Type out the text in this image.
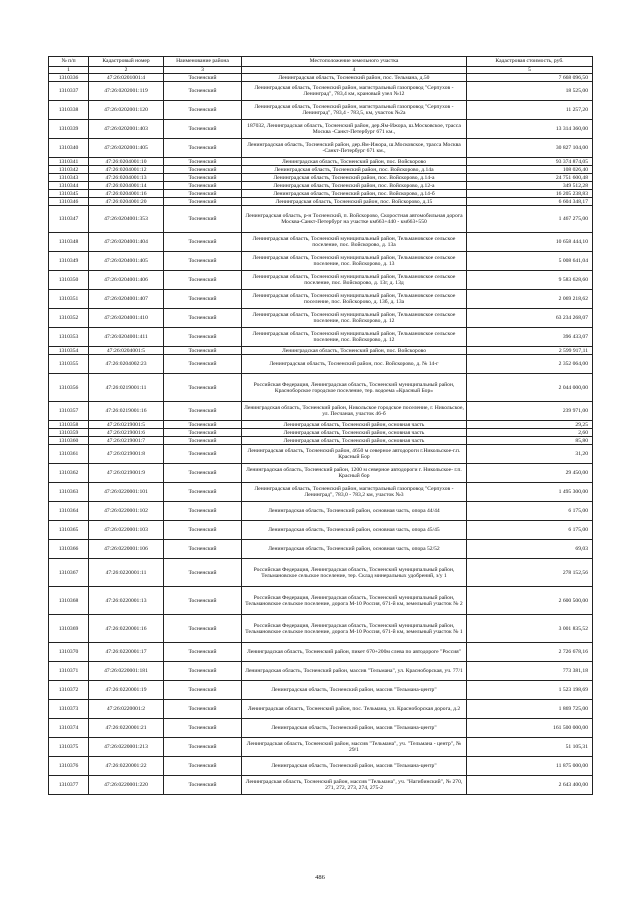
№ п/п	Кадастровый номер	Наименование района	Местоположение земельного участка	Кадастровая стоимость, руб.
1	2	3	4	5
1310336	47:26:0201001:4	Тосненский	Ленинградская область, Тосненский район, пос. Тельмана, д.50	7 668 096,50
1310337	47:26:0202001:119	Тосненский	Ленинградская область, Тосненский район, магистральный газопровод "Серпухов - Ленинград", 783,4 км, крановый узел №12	18 525,00
1310338	47:26:0202001:120	Тосненский	Ленинградская область, Тосненский район, магистральный газопровод "Серпухов - Ленинград", 783,4 - 783,5, км, участок №2а	11 257,20
1310339	47:26:0202001:403	Тосненский	187032, Ленинградская область, Тосненский район, дер.Ям-Ижора, ш.Московское, трасса Москва -Санкт-Петербург 671 км.,	13 314 360,00
1310340	47:26:0202001:405	Тосненский	Ленинградская область, Тосненский район, дер.Ям-Ижора, ш.Московское, трасса Москва -Санкт-Петербург 671 км.,	30 827 104,00
1310341	47:26:0204001:10	Тосненский	Ленинградская область, Тосненский район, пос. Войскорово	93 374 874,05
1310342	47:26:0204001:12	Тосненский	Ленинградская область, Тосненский район, пос. Войскорово, д.14а	108 026,40
1310343	47:26:0204001:13	Тосненский	Ленинградская область, Тосненский район, пос. Войскорово, д.14-а	24 751 600,48
1310344	47:26:0204001:14	Тосненский	Ленинградская область, Тосненский район, пос. Войскорово, д.12-а	349 512,28
1310345	47:26:0204001:16	Тосненский	Ленинградская область, Тосненский район, пос. Войскорово, д.14-б	16 205 238,83
1310346	47:26:0204001:20	Тосненский	Ленинградская область, Тосненский район, пос. Войскорово, д.15	6 604 348,17
1310347	47:26:0204001:353	Тосненский	Ленинградская область, р-н Тосненский, п. Войскорово, Скоростная автомобильная дорога Москва-Санкт-Петербург на участке км663+440 - км663+550	1 467 275,00
1310348	47:26:0204001:404	Тосненский	Ленинградская область, Тосненский муниципальный район, Тельмановское сельское поселение, пос. Войскорово, д. 13а	10 658 444,10
1310349	47:26:0204001:405	Тосненский	Ленинградская область, Тосненский муниципальный район, Тельмановское сельское поселение, пос. Войскорово, д. 13	5 008 641,04
1310350	47:26:0204001:406	Тосненский	Ленинградская область, Тосненский муниципальный район, Тельмановское сельское поселение, пос. Войскорово, д. 13г, д. 13д	9 583 628,60
1310351	47:26:0204001:407	Тосненский	Ленинградская область, Тосненский муниципальный район, Тельмановское сельское поселение, пос. Войскорово, д. 13б, д. 13а	2 069 218,62
1310352	47:26:0204001:410	Тосненский	Ленинградская область, Тосненский муниципальный район, Тельмановское сельское поселение, пос. Войскорово, д. 12	63 234 268,07
1310353	47:26:0204001:411	Тосненский	Ленинградская область, Тосненский муниципальный район, Тельмановское сельское поселение, пос. Войскорово, д. 12	396 433,07
1310354	47:26:0204001:5	Тосненский	Ленинградская область, Тосненский район, пос. Войскорово	2 599 917,11
1310355	47:26:0204002:23	Тосненский	Ленинградская область, Тосненский район, пос. Войскорово, д. № 14-г	2 352 064,00
1310356	47:26:0219001:11	Тосненский	Российская Федерация, Ленинградская область, Тосненский муниципальный район, Красноборское городское поселение, тер. водоема «Красный Бор»	2 044 000,00
1310357	47:26:0219001:16	Тосненский	Ленинградская область, Тосненский район, Никольское городское поселение, г. Никольское, ул. Песчаная, участок 46-б	239 971,00
1310358	47:26:0219001:5	Тосненский	Ленинградская область, Тосненский район, основная часть	29,25
1310359	47:26:0219001:6	Тосненский	Ленинградская область, Тосненский район, основная часть	2,60
1310360	47:26:0219001:7	Тосненский	Ленинградская область, Тосненский район, основная часть	85,80
1310361	47:26:0219001:8	Тосненский	Ленинградская область, Тосненский район, 4650 м северное автодороги г.Никольское-г.п. Красный Бор	31,20
1310362	47:26:0219001:9	Тосненский	Ленинградская область, Тосненский район, 1200 м северное автодороги г. Никольское- г.п. Красный бор	29 450,00
1310363	47:26:0220001:101	Тосненский	Ленинградская область, Тосненский район, магистральный газопровод "Серпухов - Ленинград", 783,0 - 783,2 км, участок №3	1 495 300,00
1310364	47:26:0220001:102	Тосненский	Ленинградская область, Тосненский район, основная часть, опора 44/44	6 175,00
1310365	47:26:0220001:103	Тосненский	Ленинградская область, Тосненский район, основная часть, опора 45/45	6 175,00
1310366	47:26:0220001:106	Тосненский	Ленинградская область, Тосненский район, основная часть, опора 52/52	69,03
1310367	47:26:0220001:11	Тосненский	Российская Федерация, Ленинградская область, Тосненский муниципальный район, Тельмановское сельское поселение, тер. Склад минеральных удобрений, з/у 1	278 152,56
1310368	47:26:0220001:13	Тосненский	Российская Федерация, Ленинградская область, Тосненский муниципальный район, Тельмановское сельское поселение, дорога М-10 Россия, 671-й км, земельный участок № 2	2 600 500,00
1310369	47:26:0220001:16	Тосненский	Российская Федерация, Ленинградская область, Тосненский муниципальный район, Тельмановское сельское поселение, дорога М-10 Россия, 671-й км, земельный участок № 1	3 001 835,52
1310370	47:26:0220001:17	Тосненский	Ленинградская область, Тосненский район, пикет 670+200м слева по автодороге "Россия"	2 726 678,16
1310371	47:26:0220001:181	Тосненский	Ленинградская область, Тосненский район, массив "Тельмана", ул. Красноборская, уч. 77/1	773 381,18
1310372	47:26:0220001:19	Тосненский	Ленинградская область, Тосненский район, массив "Тельмана-центр"	1 523 198,69
1310373	47:26:0220001:2	Тосненский	Ленинградская область, Тосненский район, пос. Тельмана, ул. Красноборская дорога, д.2	1 869 725,00
1310374	47:26:0220001:21	Тосненский	Ленинградская область, Тосненский район, массив "Тельмана-центр"	161 500 000,00
1310375	47:26:0220001:213	Тосненский	Ленинградская область, Тосненский район, массив "Тельмана", уч. "Тельмана - центр", № 29/1	51 105,31
1310376	47:26:0220001:22	Тосненский	Ленинградская область, Тосненский район, массив "Тельмана-центр"	11 875 000,00
1310377	47:26:0220001:220	Тосненский	Ленинградская область, Тосненский район, массив "Тельмана", уч. "Нагибинский", № 270, 271, 272, 273, 274, 275-2	2 643 400,00
486
